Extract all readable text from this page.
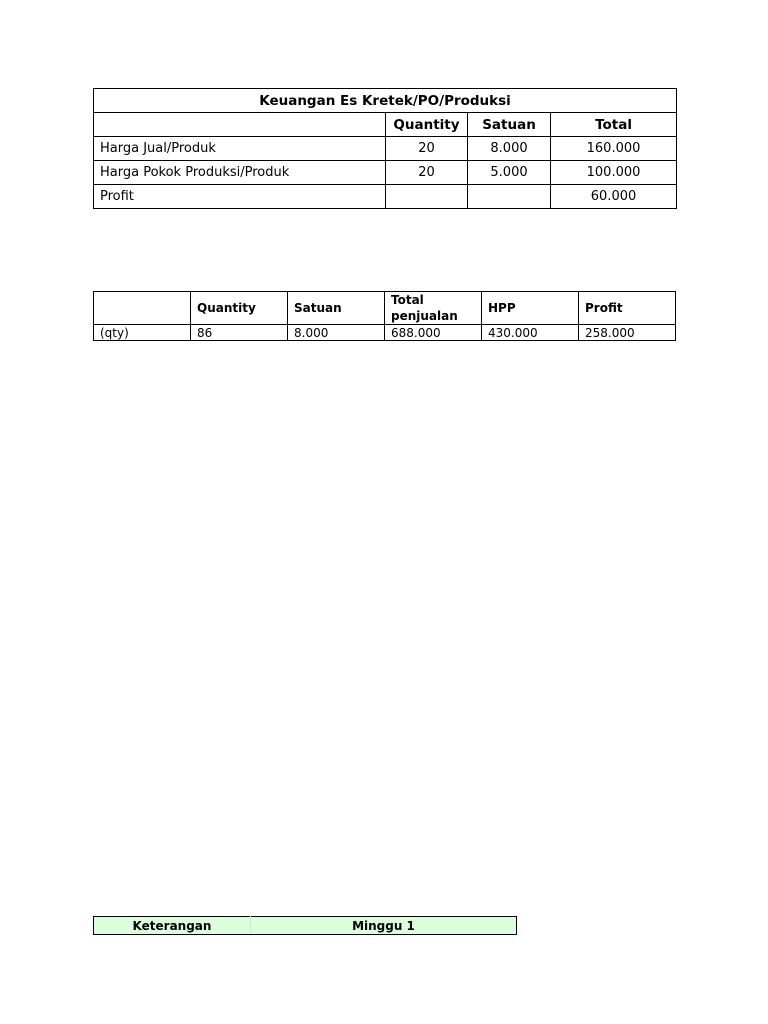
Keuangan Es Kretek/PO/Produksi			
	Quantity	Satuan	Total
Harga Jual/Produk	20	8.000	160.000
Harga Pokok Produksi/Produk	20	5.000	100.000
Profit			60.000
	Quantity	Satuan	Total penjualan	HPP	Profit
(qty)	86	8.000	688.000	430.000	258.000
Keterangan	Minggu 1
